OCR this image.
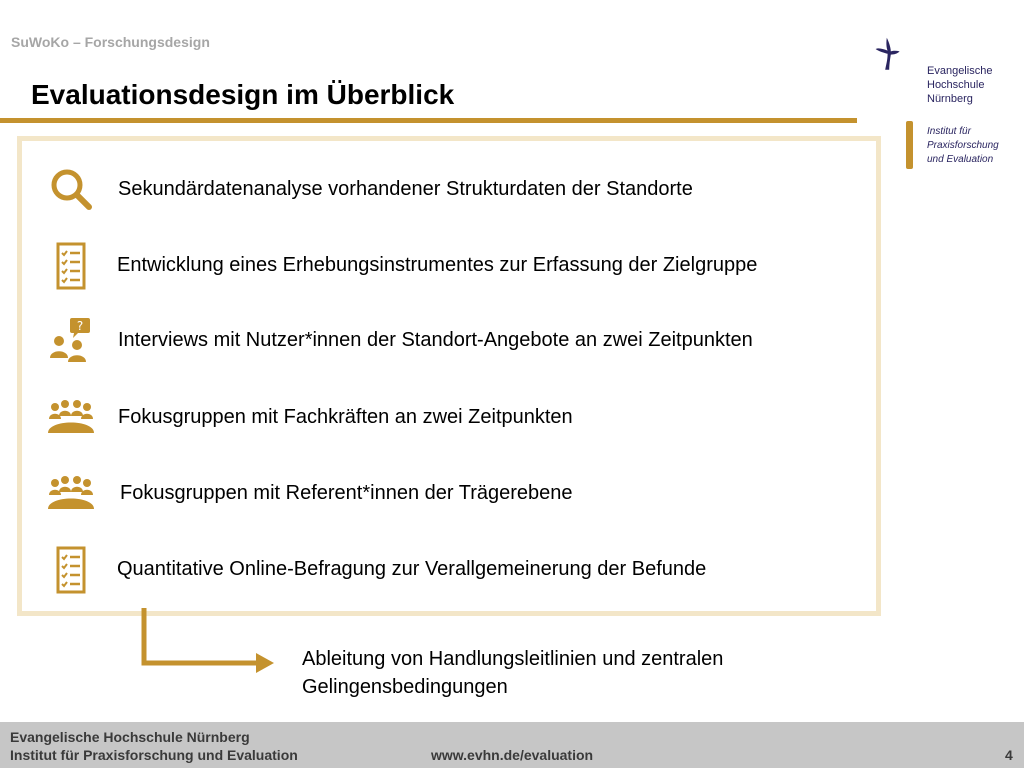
SuWoKo – Forschungsdesign
Evaluationsdesign im Überblick
Evangelische
Hochschule
Nürnberg
Institut für
Praxisforschung
und Evaluation
Sekundärdatenanalyse vorhandener Strukturdaten der Standorte
Entwicklung eines Erhebungsinstrumentes zur Erfassung der Zielgruppe
?
Interviews mit Nutzer*innen der Standort-Angebote an zwei Zeitpunkten
Fokusgruppen mit Fachkräften an zwei Zeitpunkten
Fokusgruppen mit Referent*innen der Trägerebene
Quantitative Online-Befragung zur Verallgemeinerung der Befunde
Ableitung von Handlungsleitlinien und zentralen
Gelingensbedingungen
Evangelische Hochschule Nürnberg
Institut für Praxisforschung und Evaluation	www.evhn.de/evaluation	4
